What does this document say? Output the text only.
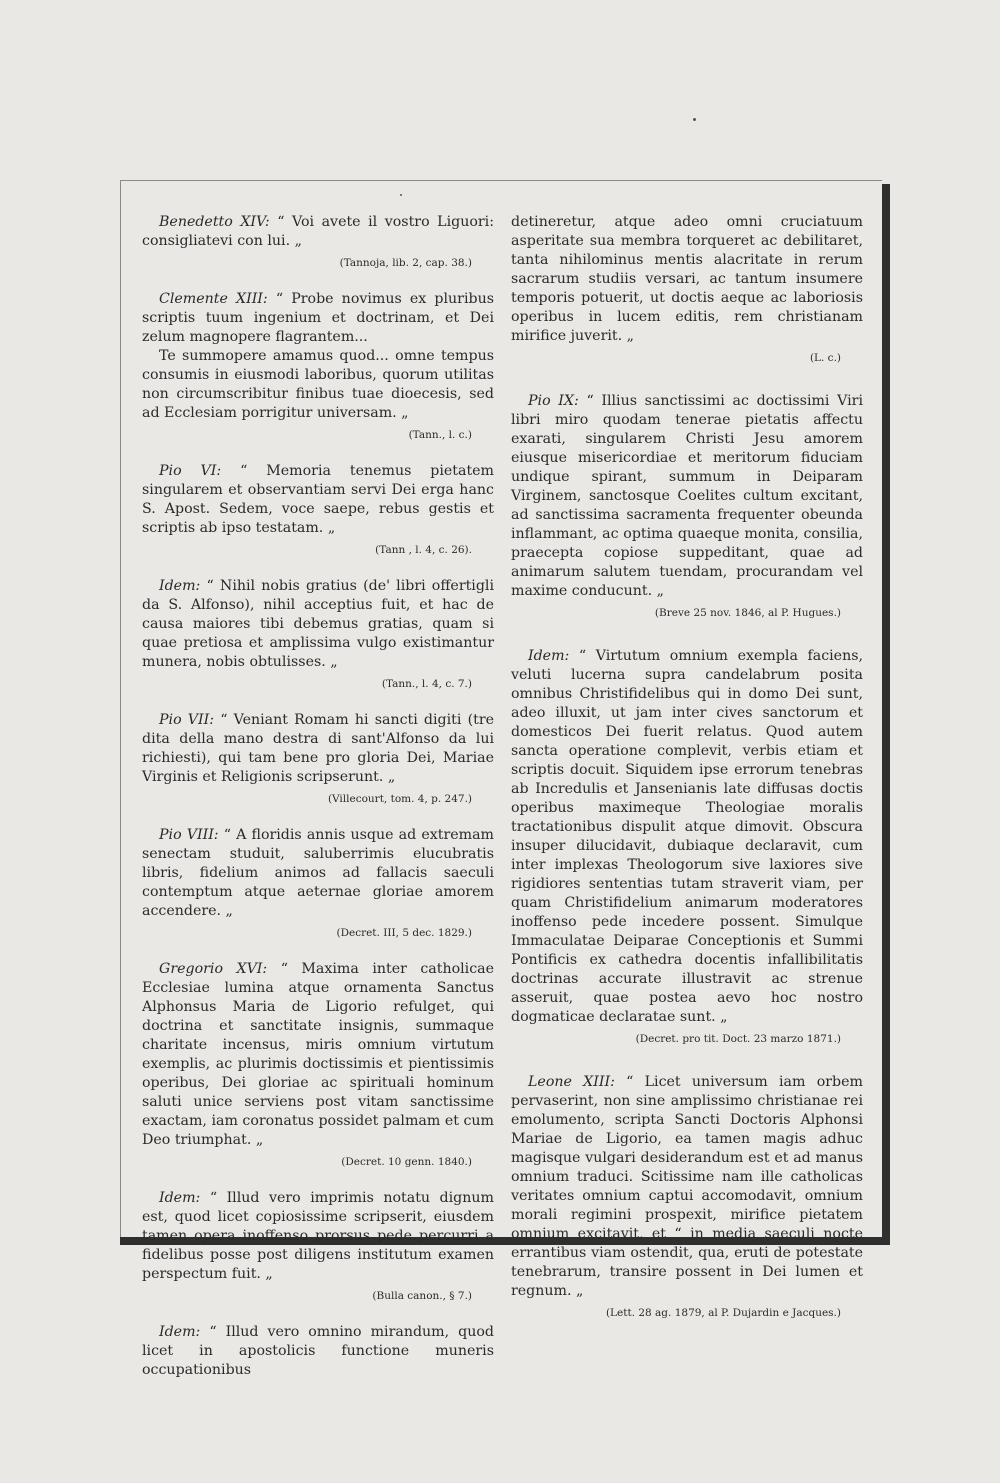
Benedetto XIV: “ Voi avete il vostro Liguori: consigliatevi con lui. „

(Tannoja, lib. 2, cap. 38.)

Clemente XIII: “ Probe novimus ex pluribus scriptis tuum ingenium et doctrinam, et Dei zelum magnopere flagrantem...

Te summopere amamus quod... omne tempus consumis in eiusmodi laboribus, quorum utilitas non circumscribitur finibus tuae dioecesis, sed ad Ecclesiam porrigitur universam. „

(Tann., l. c.)

Pio VI: “ Memoria tenemus pietatem singularem et observantiam servi Dei erga hanc S. Apost. Sedem, voce saepe, rebus gestis et scriptis ab ipso testatam. „

(Tann , l. 4, c. 26).

Idem: “ Nihil nobis gratius (de' libri offertigli da S. Alfonso), nihil acceptius fuit, et hac de causa maiores tibi debemus gratias, quam si quae pretiosa et amplissima vulgo existimantur munera, nobis obtulisses. „

(Tann., l. 4, c. 7.)

Pio VII: “ Veniant Romam hi sancti digiti (tre dita della mano destra di sant'Alfonso da lui richiesti), qui tam bene pro gloria Dei, Mariae Virginis et Religionis scripserunt. „

(Villecourt, tom. 4, p. 247.)

Pio VIII: “ A floridis annis usque ad extremam senectam studuit, saluberrimis elucubratis libris, fidelium animos ad fallacis saeculi contemptum atque aeternae gloriae amorem accendere. „

(Decret. III, 5 dec. 1829.)

Gregorio XVI: “ Maxima inter catholicae Ecclesiae lumina atque ornamenta Sanctus Alphonsus Maria de Ligorio refulget, qui doctrina et sanctitate insignis, summaque charitate incensus, miris omnium virtutum exemplis, ac plurimis doctissimis et pientissimis operibus, Dei gloriae ac spirituali hominum saluti unice serviens post vitam sanctissime exactam, iam coronatus possidet palmam et cum Deo triumphat. „

(Decret. 10 genn. 1840.)

Idem: “ Illud vero imprimis notatu dignum est, quod licet copiosissime scripserit, eiusdem tamen opera inoffenso prorsus pede percurri a fidelibus posse post diligens institutum examen perspectum fuit. „

(Bulla canon., § 7.)

Idem: “ Illud vero omnino mirandum, quod licet in apostolicis functione muneris occupationibus

detineretur, atque adeo omni cruciatuum asperitate sua membra torqueret ac debilitaret, tanta nihilominus mentis alacritate in rerum sacrarum studiis versari, ac tantum insumere temporis potuerit, ut doctis aeque ac laboriosis operibus in lucem editis, rem christianam mirifice juverit. „

(L. c.)

Pio IX: “ Illius sanctissimi ac doctissimi Viri libri miro quodam tenerae pietatis affectu exarati, singularem Christi Jesu amorem eiusque misericordiae et meritorum fiduciam undique spirant, summum in Deiparam Virginem, sanctosque Coelites cultum excitant, ad sanctissima sacramenta frequenter obeunda inflammant, ac optima quaeque monita, consilia, praecepta copiose suppeditant, quae ad animarum salutem tuendam, procurandam vel maxime conducunt. „

(Breve 25 nov. 1846, al P. Hugues.)

Idem: “ Virtutum omnium exempla faciens, veluti lucerna supra candelabrum posita omnibus Christifidelibus qui in domo Dei sunt, adeo illuxit, ut jam inter cives sanctorum et domesticos Dei fuerit relatus. Quod autem sancta operatione complevit, verbis etiam et scriptis docuit. Siquidem ipse errorum tenebras ab Incredulis et Jansenianis late diffusas doctis operibus maximeque Theologiae moralis tractationibus dispulit atque dimovit. Obscura insuper dilucidavit, dubiaque declaravit, cum inter implexas Theologorum sive laxiores sive rigidiores sententias tutam straverit viam, per quam Christifidelium animarum moderatores inoffenso pede incedere possent. Simulque Immaculatae Deiparae Conceptionis et Summi Pontificis ex cathedra docentis infallibilitatis doctrinas accurate illustravit ac strenue asseruit, quae postea aevo hoc nostro dogmaticae declaratae sunt. „

(Decret. pro tit. Doct. 23 marzo 1871.)

Leone XIII: “ Licet universum iam orbem pervaserint, non sine amplissimo christianae rei emolumento, scripta Sancti Doctoris Alphonsi Mariae de Ligorio, ea tamen magis adhuc magisque vulgari desiderandum est et ad manus omnium traduci. Scitissime nam ille catholicas veritates omnium captui accomodavit, omnium morali regimini prospexit, mirifice pietatem omnium excitavit, et “ in media saeculi nocte errantibus viam ostendit, qua, eruti de potestate tenebrarum, transire possent in Dei lumen et regnum. „

(Lett. 28 ag. 1879, al P. Dujardin e Jacques.)
